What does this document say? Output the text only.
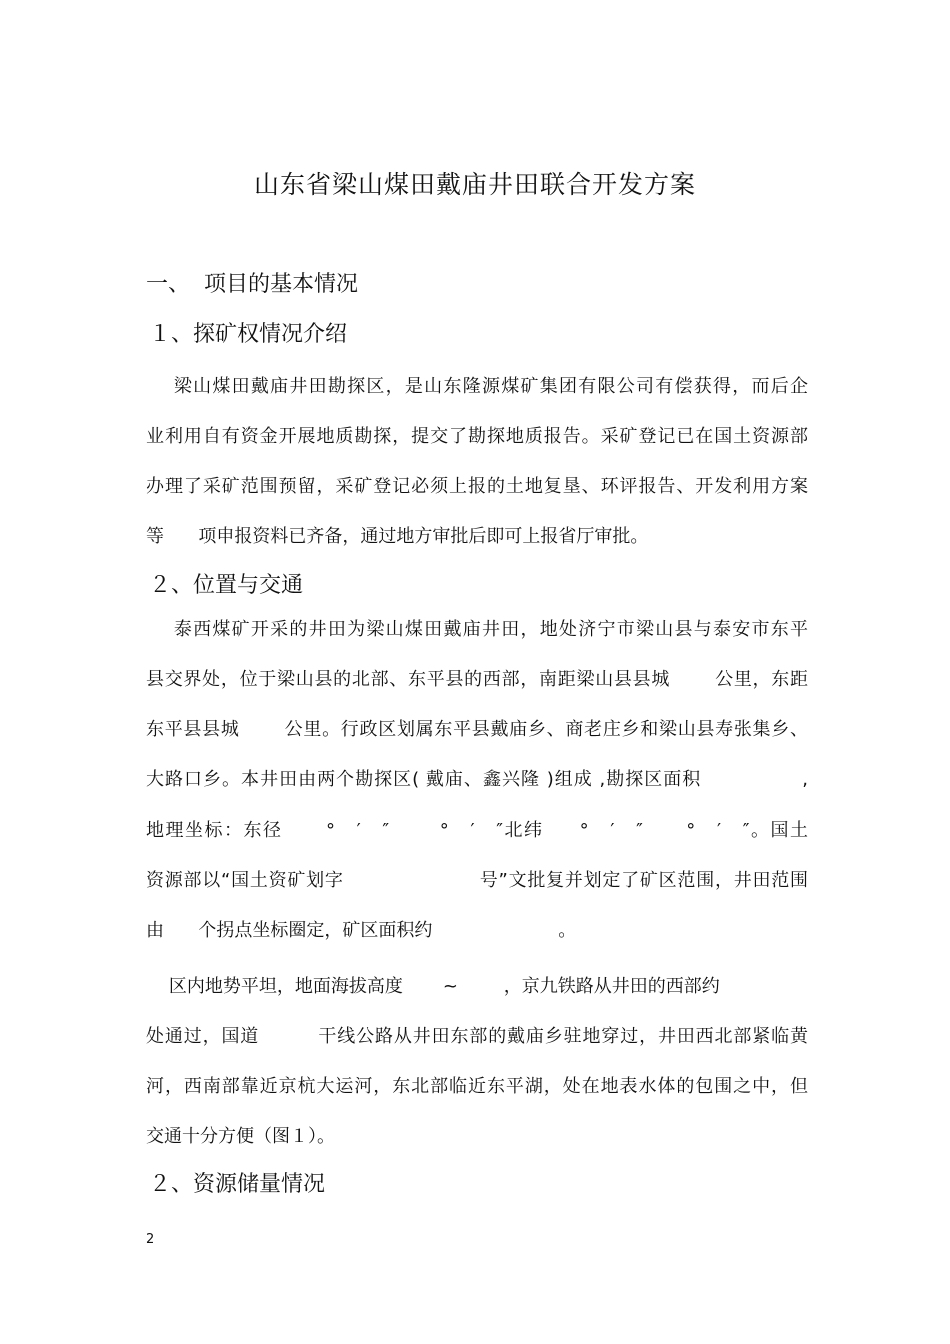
山东省梁山煤田戴庙井田联合开发方案
一、  项目的基本情况
１、探矿权情况介绍
梁山煤田戴庙井田勘探区，是山东隆源煤矿集团有限公司有偿获得，而后企
业利用自有资金开展地质勘探，提交了勘探地质报告。采矿登记已在国土资源部
办理了采矿范围预留，采矿登记必须上报的土地复垦、环评报告、开发利用方案
等      项申报资料已齐备，通过地方审批后即可上报省厅审批。
２、位置与交通
泰西煤矿开采的井田为梁山煤田戴庙井田，地处济宁市梁山县与泰安市东平
县交界处，位于梁山县的北部、东平县的西部，南距梁山县县城       公里，东距
东平县县城       公里。行政区划属东平县戴庙乡、商老庄乡和梁山县寿张集乡、
大路口乡。本井田由两个勘探区( 戴庙、鑫兴隆 )组成 ,勘探区面积               ,
地理坐标：东径      °   ′   ″       °   ′   ″北纬     °   ′   ″      °   ′   ″。国土
资源部以“国土资矿划字                     号”文批复并划定了矿区范围，井田范围
由      个拐点坐标圈定，矿区面积约                      。
区内地势平坦，地面海拔高度       ~        ，京九铁路从井田的西部约
处通过，国道         干线公路从井田东部的戴庙乡驻地穿过，井田西北部紧临黄
河，西南部靠近京杭大运河，东北部临近东平湖，处在地表水体的包围之中，但
交通十分方便（图１）。
２、资源储量情况
2
